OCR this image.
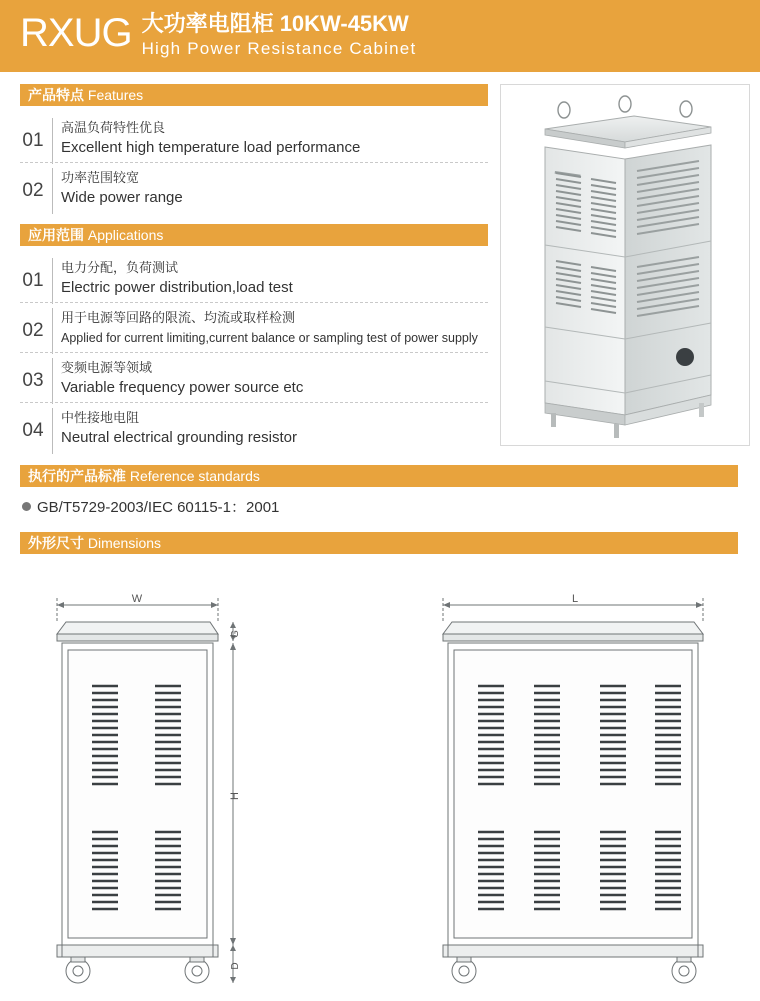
RXUG 大功率电阻柜 10KW-45KW
High Power Resistance Cabinet
产品特点 Features
01
高温负荷特性优良
Excellent high temperature load performance
02
功率范围较宽
Wide power range
应用范围 Applications
01
电力分配，负荷测试
Electric power distribution,load test
02
用于电源等回路的限流、均流或取样检测
Applied for current limiting,current balance or sampling test of power supply
03
变频电源等领域
Variable frequency power source etc
04
中性接地电阻
Neutral electrical grounding resistor
执行的产品标准 Reference standards
GB/T5729-2003/IEC 60115-1：2001
外形尺寸 Dimensions
W	L
H
G
D
